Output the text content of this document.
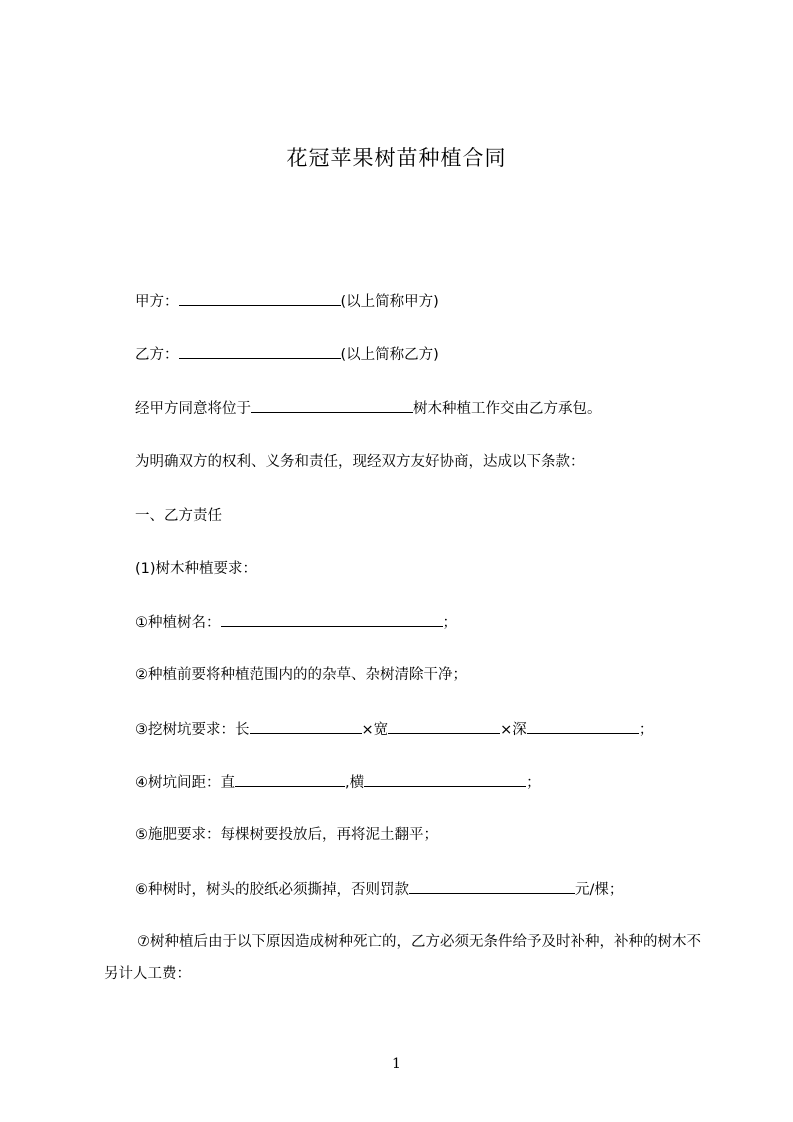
花冠苹果树苗种植合同
甲方：	(以上简称甲方)
乙方：	(以上简称乙方)
经甲方同意将位于	树木种植工作交由乙方承包。
为明确双方的权利、义务和责任，现经双方友好协商，达成以下条款：
一、乙方责任
(1)树木种植要求：
①种植树名：	；
②种植前要将种植范围内的的杂草、杂树清除干净；
③挖树坑要求：长	×宽	×深	；
④树坑间距：直	,横	；
⑤施肥要求：每棵树要投放后，再将泥土翻平；
⑥种树时，树头的胶纸必须撕掉，否则罚款	元/棵；
⑦树种植后由于以下原因造成树种死亡的，乙方必须无条件给予及时补种，补种的树木不另计人工费：
1
